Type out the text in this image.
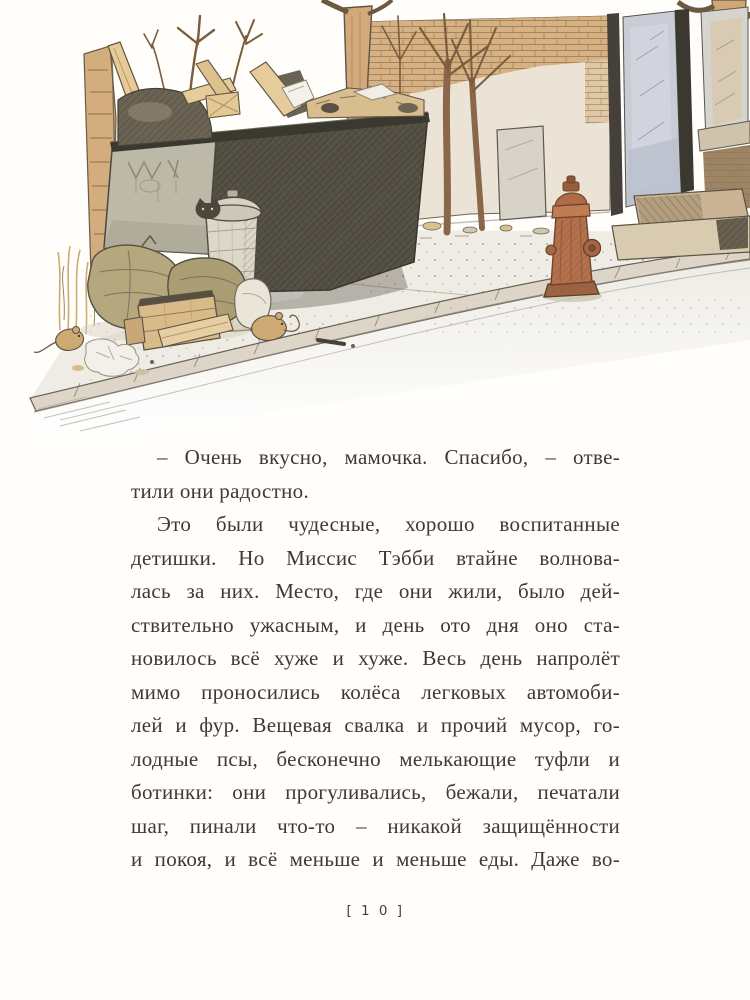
– Очень вкусно, мамочка. Спасибо, – отве-
тили они радостно.
Это были чудесные, хорошо воспитанные
детишки. Но Миссис Тэбби втайне волнова-
лась за них. Место, где они жили, было дей-
ствительно ужасным, и день ото дня оно ста-
новилось всё хуже и хуже. Весь день напролёт
мимо проносились колёса легковых автомоби-
лей и фур. Вещевая свалка и прочий мусор, го-
лодные псы, бесконечно мелькающие туфли и
ботинки: они прогуливались, бежали, печатали
шаг, пинали что-то – никакой защищённости
и покоя, и всё меньше и меньше еды. Даже во-
[ 1 0 ]
